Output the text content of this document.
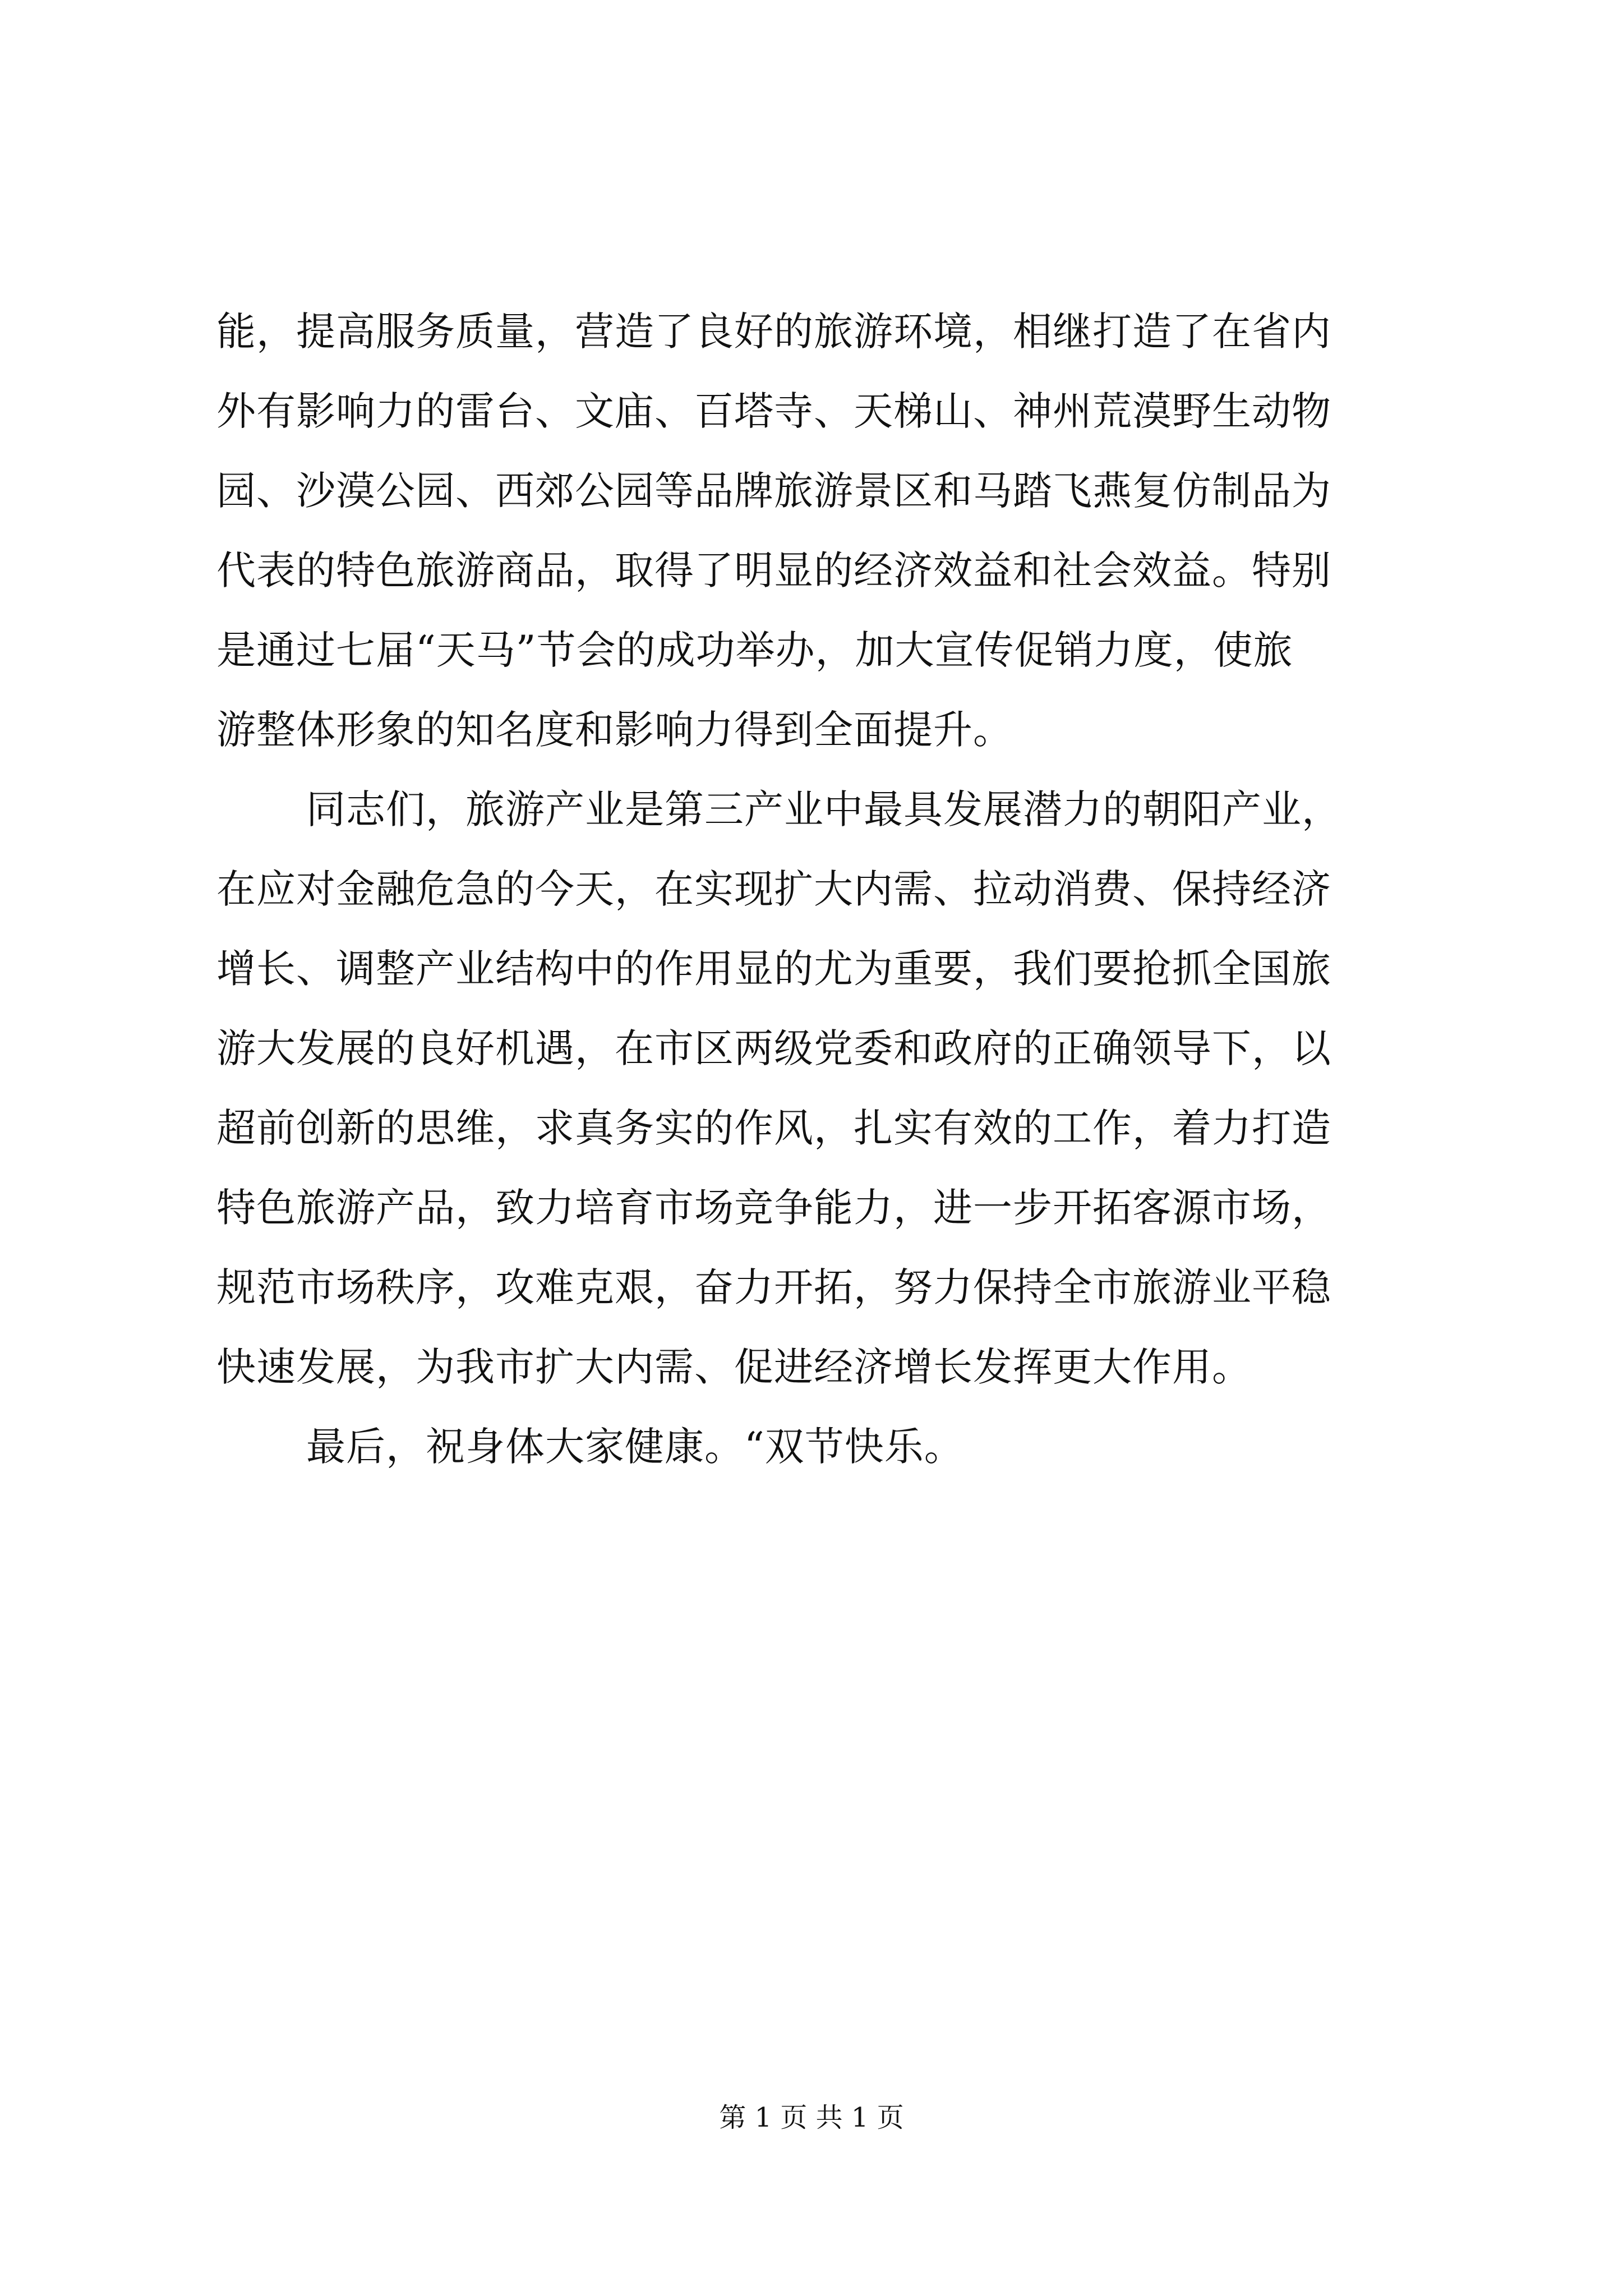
能，提高服务质量，营造了良好的旅游环境，相继打造了在省内
外有影响力的雷台、文庙、百塔寺、天梯山、神州荒漠野生动物
园、沙漠公园、西郊公园等品牌旅游景区和马踏飞燕复仿制品为
代表的特色旅游商品，取得了明显的经济效益和社会效益。特别
是通过七届“天马”节会的成功举办，加大宣传促销力度，使旅
游整体形象的知名度和影响力得到全面提升。
同志们，旅游产业是第三产业中最具发展潜力的朝阳产业，
在应对金融危急的今天，在实现扩大内需、拉动消费、保持经济
增长、调整产业结构中的作用显的尤为重要，我们要抢抓全国旅
游大发展的良好机遇，在市区两级党委和政府的正确领导下，以
超前创新的思维，求真务实的作风，扎实有效的工作，着力打造
特色旅游产品，致力培育市场竞争能力，进一步开拓客源市场，
规范市场秩序，攻难克艰，奋力开拓，努力保持全市旅游业平稳
快速发展，为我市扩大内需、促进经济增长发挥更大作用。
最后，祝身体大家健康。“双节快乐。
第 1 页 共 1 页
